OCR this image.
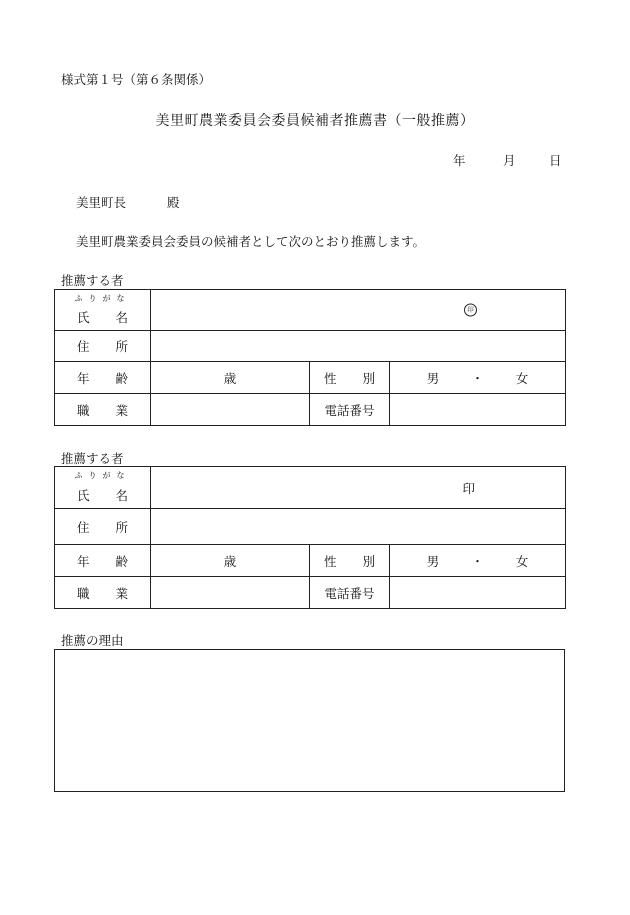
様式第１号（第６条関係）
美里町農業委員会委員候補者推薦書（一般推薦）
年	月	日
美里町長	殿
美里町農業委員会委員の候補者として次のとおり推薦します。
推薦する者
ふりがな
氏 名	印		

住 所			
年 齢	歳	性 別	男 ・ 女
職 業		電話番号	
推薦する者
ふりがな
氏 名	印		

住 所			
年 齢	歳	性 別	男 ・ 女
職 業		電話番号	
推薦の理由
